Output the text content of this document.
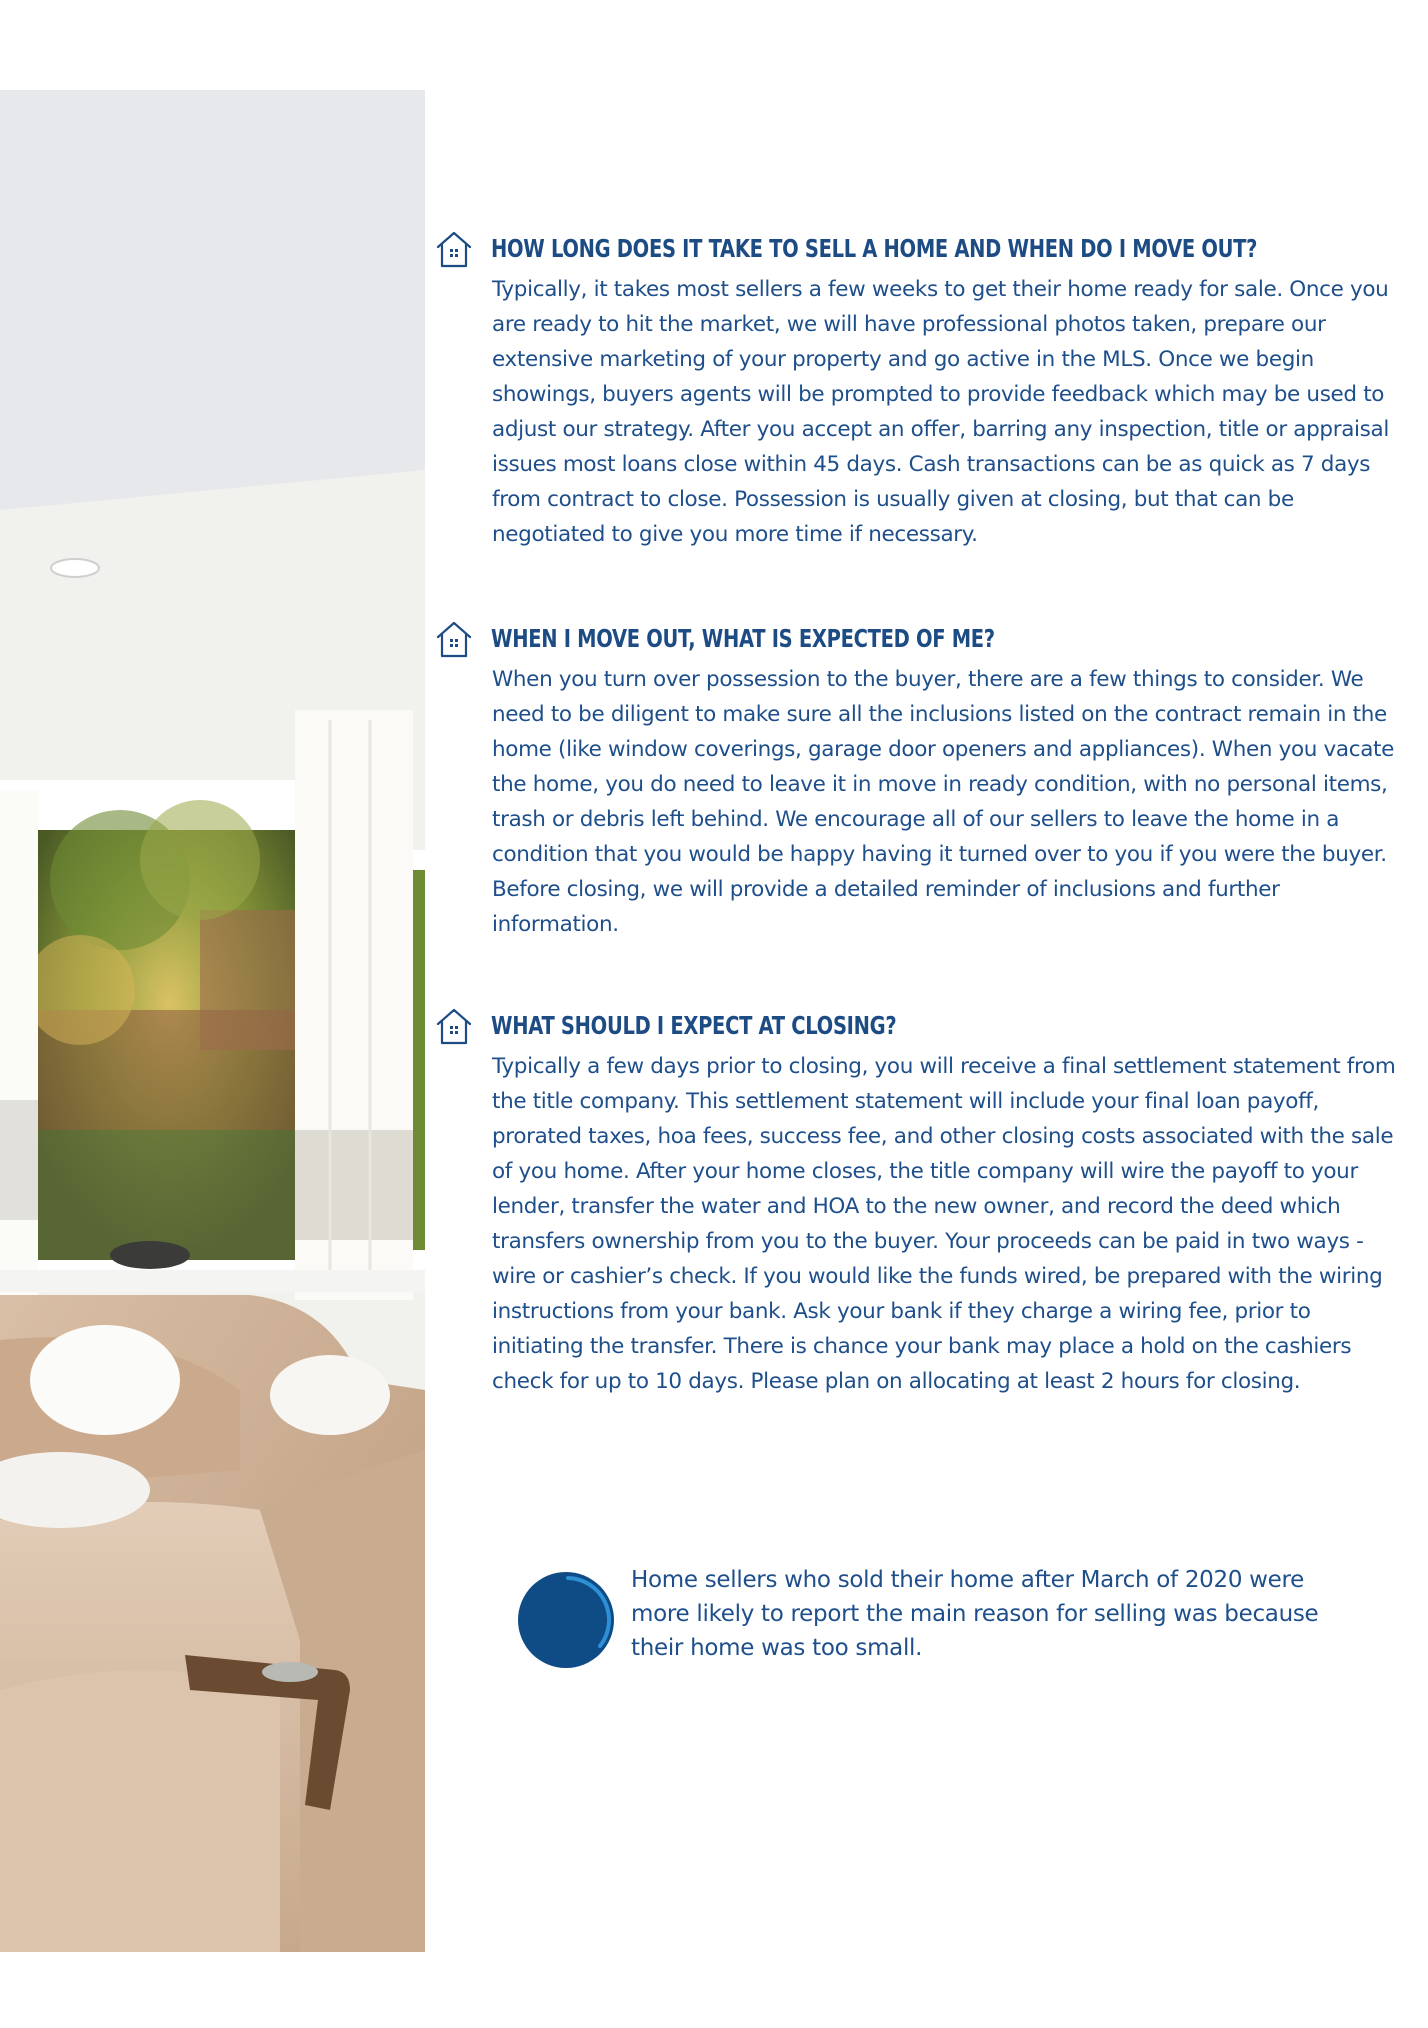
HOW LONG DOES IT TAKE TO SELL A HOME AND WHEN DO I MOVE OUT?

Typically, it takes most sellers a few weeks to get their home ready for sale. Once you are ready to hit the market, we will have professional photos taken, prepare our extensive marketing of your property and go active in the MLS. Once we begin showings, buyers agents will be prompted to provide feedback which may be used to adjust our strategy. After you accept an offer, barring any inspection, title or appraisal issues most loans close within 45 days. Cash transactions can be as quick as 7 days from contract to close. Possession is usually given at closing, but that can be negotiated to give you more time if necessary.

WHEN I MOVE OUT, WHAT IS EXPECTED OF ME?

When you turn over possession to the buyer, there are a few things to consider. We need to be diligent to make sure all the inclusions listed on the contract remain in the home (like window coverings, garage door openers and appliances). When you vacate the home, you do need to leave it in move in ready condition, with no personal items, trash or debris left behind. We encourage all of our sellers to leave the home in a condition that you would be happy having it turned over to you if you were the buyer. Before closing, we will provide a detailed reminder of inclusions and further information.

WHAT SHOULD I EXPECT AT CLOSING?

Typically a few days prior to closing, you will receive a final settlement statement from the title company. This settlement statement will include your final loan payoff, prorated taxes, hoa fees, success fee, and other closing costs associated with the sale of you home. After your home closes, the title company will wire the payoff to your lender, transfer the water and HOA to the new owner, and record the deed which transfers ownership from you to the buyer. Your proceeds can be paid in two ways - wire or cashier’s check. If you would like the funds wired, be prepared with the wiring instructions from your bank. Ask your bank if they charge a wiring fee, prior to initiating the transfer. There is chance your bank may place a hold on the cashiers check for up to 10 days. Please plan on allocating at least 2 hours for closing.

Home sellers who sold their home after March of 2020 were more likely to report the main reason for selling was because their home was too small.
